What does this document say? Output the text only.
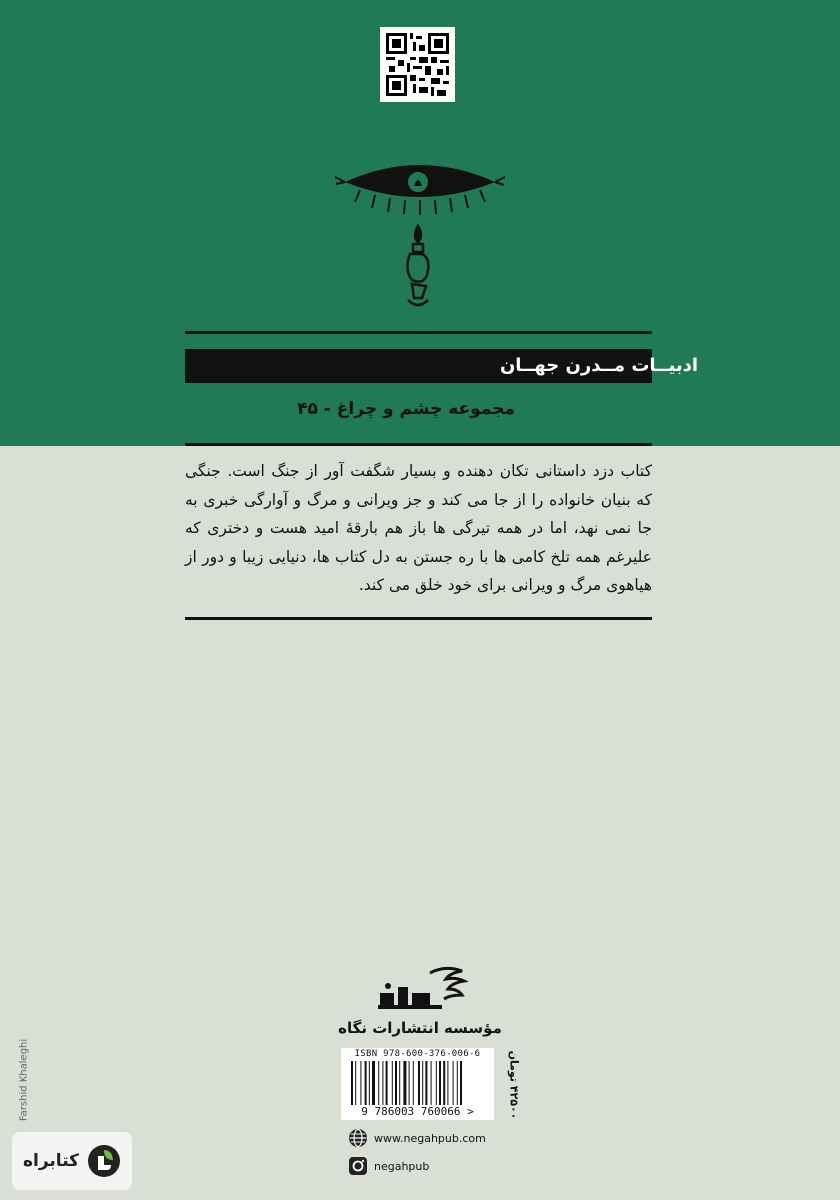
ادبیــات مــدرن جهــان
مجموعه چشم و چراغ - ۴۵
کتاب دزد داستانی تکان دهنده و بسیار شگفت آور از جنگ است. جنگی که بنیان خانواده را از جا می کند و جز ویرانی و مرگ و آوارگی خبری به جا نمی نهد، اما در همه تیرگی ها باز هم بارقهٔ امید هست و دختری که علیرغم همه تلخ کامی ها با ره جستن به دل کتاب ها، دنیایی زیبا و دور از هیاهوی مرگ و ویرانی برای خود خلق می کند.
مؤسسه انتشارات نگاه
ISBN 978-600-376-006-6
9 786003 760066 >
۴۲۵۰۰ تومان
www.negahpub.com
negahpub
Farshid Khaleghi
کتابراه
